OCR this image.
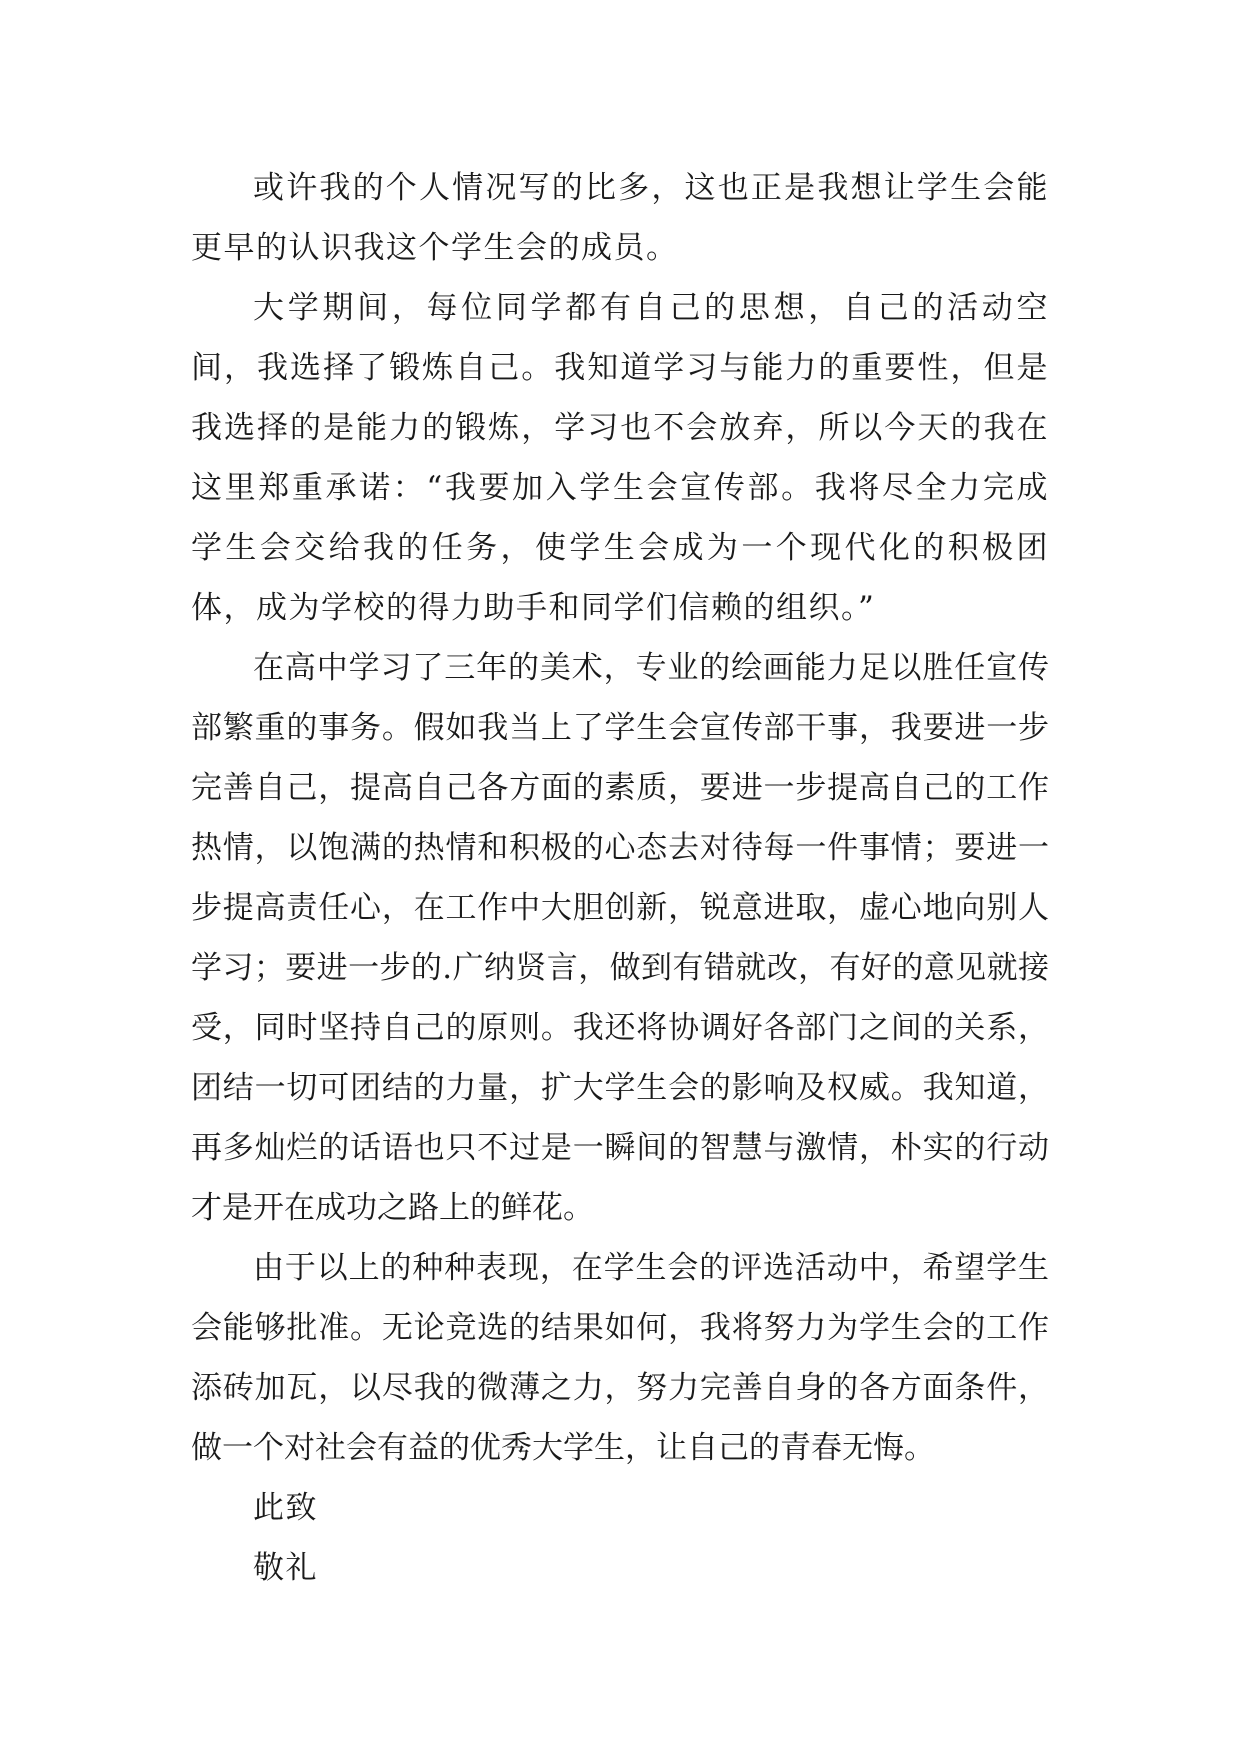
或许我的个人情况写的比多，这也正是我想让学生会能更早的认识我这个学生会的成员。

大学期间，每位同学都有自己的思想，自己的活动空间，我选择了锻炼自己。我知道学习与能力的重要性，但是我选择的是能力的锻炼，学习也不会放弃，所以今天的我在这里郑重承诺：“我要加入学生会宣传部。我将尽全力完成学生会交给我的任务，使学生会成为一个现代化的积极团体，成为学校的得力助手和同学们信赖的组织。”

在高中学习了三年的美术，专业的绘画能力足以胜任宣传部繁重的事务。假如我当上了学生会宣传部干事，我要进一步完善自己，提高自己各方面的素质，要进一步提高自己的工作热情，以饱满的热情和积极的心态去对待每一件事情；要进一步提高责任心，在工作中大胆创新，锐意进取，虚心地向别人学习；要进一步的.广纳贤言，做到有错就改，有好的意见就接受，同时坚持自己的原则。我还将协调好各部门之间的关系，团结一切可团结的力量，扩大学生会的影响及权威。我知道，再多灿烂的话语也只不过是一瞬间的智慧与激情，朴实的行动才是开在成功之路上的鲜花。

由于以上的种种表现，在学生会的评选活动中，希望学生会能够批准。无论竞选的结果如何，我将努力为学生会的工作添砖加瓦，以尽我的微薄之力，努力完善自身的各方面条件，做一个对社会有益的优秀大学生，让自己的青春无悔。

此致

敬礼
